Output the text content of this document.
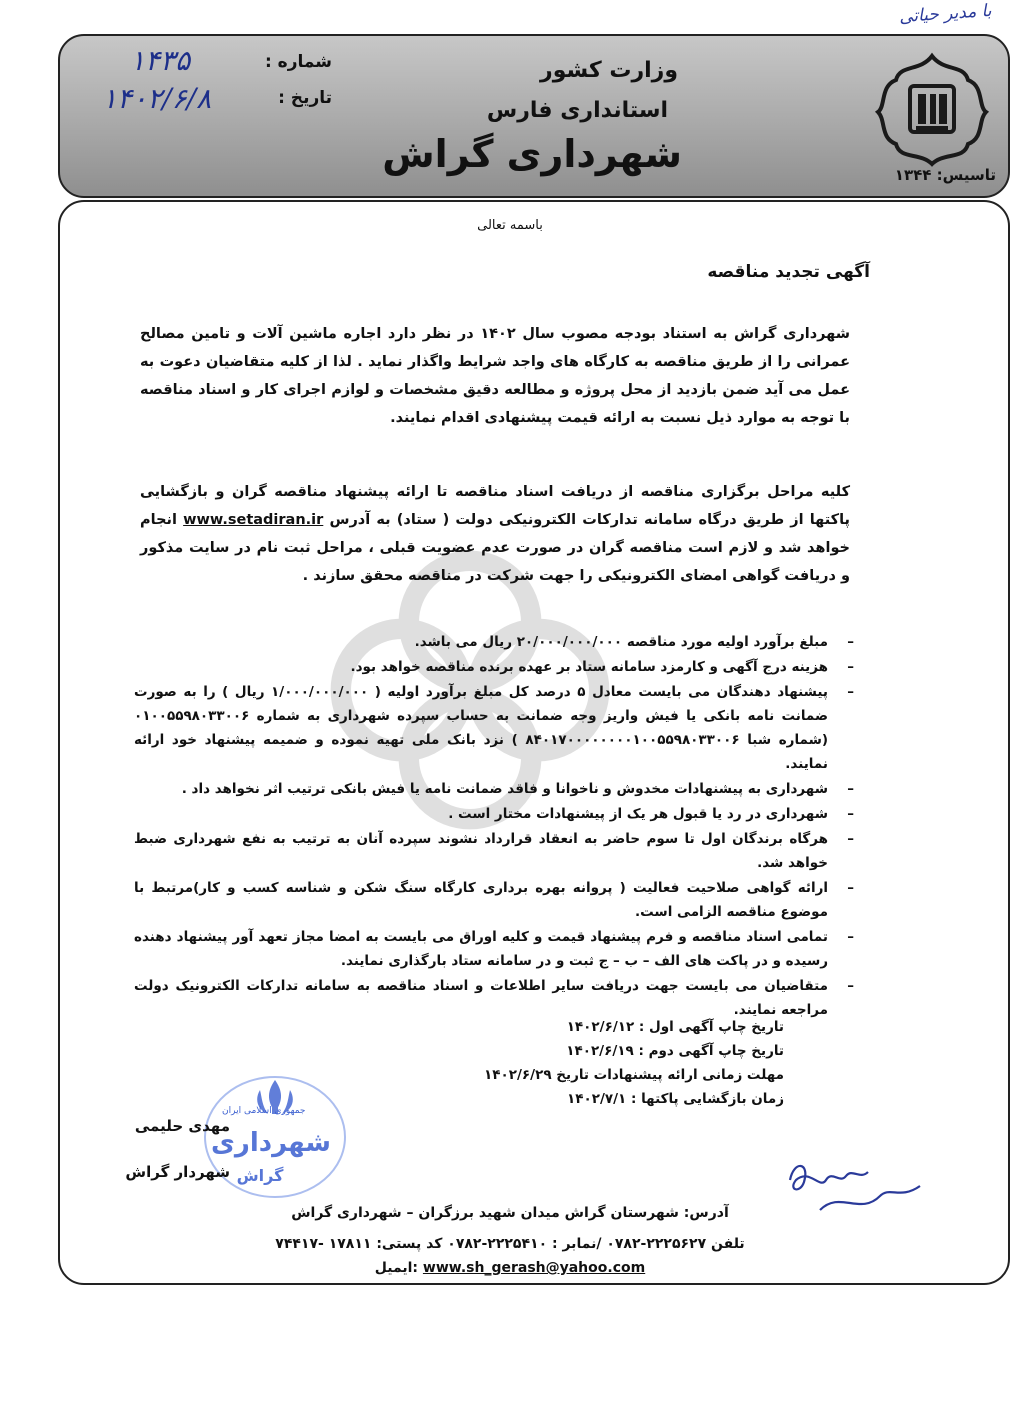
با مدیر حیاتی
۱۴۳۵
۱۴۰۲/۶/۸
شماره :
تاریخ :
وزارت کشور
استانداری فارس
شهرداری گراش	تاسیس: ۱۳۴۴
باسمه تعالی
آگهی تجدید مناقصه
شهرداری گراش به استناد بودجه مصوب سال ۱۴۰۲ در نظر دارد اجاره ماشین آلات و تامین مصالح عمرانی را از طریق مناقصه به کارگاه های واجد شرایط واگذار نماید . لذا از کلیه متقاضیان دعوت به عمل می آید ضمن بازدید از محل پروژه و مطالعه دقیق مشخصات و لوازم اجرای کار و اسناد مناقصه با توجه به موارد ذیل نسبت به ارائه قیمت پیشنهادی اقدام نمایند.
کلیه مراحل برگزاری مناقصه از دریافت اسناد مناقصه تا ارائه پیشنهاد مناقصه گران و بازگشایی پاکتها از طریق درگاه سامانه تدارکات الکترونیکی دولت ( ستاد) به آدرس www.setadiran.ir انجام خواهد شد و لازم است مناقصه گران در صورت عدم عضویت قبلی ، مراحل ثبت نام در سایت مذکور و دریافت گواهی امضای الکترونیکی را جهت شرکت در مناقصه محقق سازند .
– مبلغ برآورد اولیه مورد مناقصه ۲۰/۰۰۰/۰۰۰/۰۰۰ ریال می باشد.
– هزینه درج آگهی و کارمزد سامانه ستاد بر عهده برنده مناقصه خواهد بود.
– پیشنهاد دهندگان می بایست معادل ۵ درصد کل مبلغ برآورد اولیه ( ۱/۰۰۰/۰۰۰/۰۰۰ ریال ) را به صورت ضمانت نامه بانکی یا فیش واریز وجه ضمانت به حساب سپرده شهرداری به شماره ۰۱۰۰۵۵۹۸۰۳۳۰۰۶ (شماره شبا ۸۴۰۱۷۰۰۰۰۰۰۰۰۱۰۰۵۵۹۸۰۳۳۰۰۶ ) نزد بانک ملی تهیه نموده و ضمیمه پیشنهاد خود ارائه نمایند.
– شهرداری به پیشنهادات مخدوش و ناخوانا و فاقد ضمانت نامه یا فیش بانکی ترتیب اثر نخواهد داد .
– شهرداری در رد یا قبول هر یک از پیشنهادات مختار است .
– هرگاه برندگان اول تا سوم حاضر به انعقاد قرارداد نشوند سپرده آنان به ترتیب به نفع شهرداری ضبط خواهد شد.
– ارائه گواهی صلاحیت فعالیت ( پروانه بهره برداری کارگاه سنگ شکن و شناسه کسب و کار)مرتبط با موضوع مناقصه الزامی است.
– تمامی اسناد مناقصه و فرم پیشنهاد قیمت و کلیه اوراق می بایست به امضا مجاز تعهد آور پیشنهاد دهنده رسیده و در پاکت های الف – ب – ج ثبت و در سامانه ستاد بارگذاری نمایند.
– متقاضیان می بایست جهت دریافت سایر اطلاعات و اسناد مناقصه به سامانه تدارکات الکترونیک دولت مراجعه نمایند.
تاریخ چاپ آگهی اول : ۱۴۰۲/۶/۱۲
تاریخ چاپ آگهی دوم : ۱۴۰۲/۶/۱۹
مهلت زمانی ارائه پیشنهادات تاریخ ۱۴۰۲/۶/۲۹
زمان بازگشایی پاکتها : ۱۴۰۲/۷/۱
جمهوری اسلامی ایران
شهرداری
گراش
مهدی حلیمی
شهردار گراش
آدرس: شهرستان گراش میدان شهید برزگران – شهرداری گراش
تلفن ۲۲۲۵۶۲۷-۰۷۸۲ /نمابر : ۲۲۲۵۴۱۰-۰۷۸۲ کد پستی: ۱۷۸۱۱ -۷۴۴۱۷
www.sh_gerash@yahoo.com :ایمیل
